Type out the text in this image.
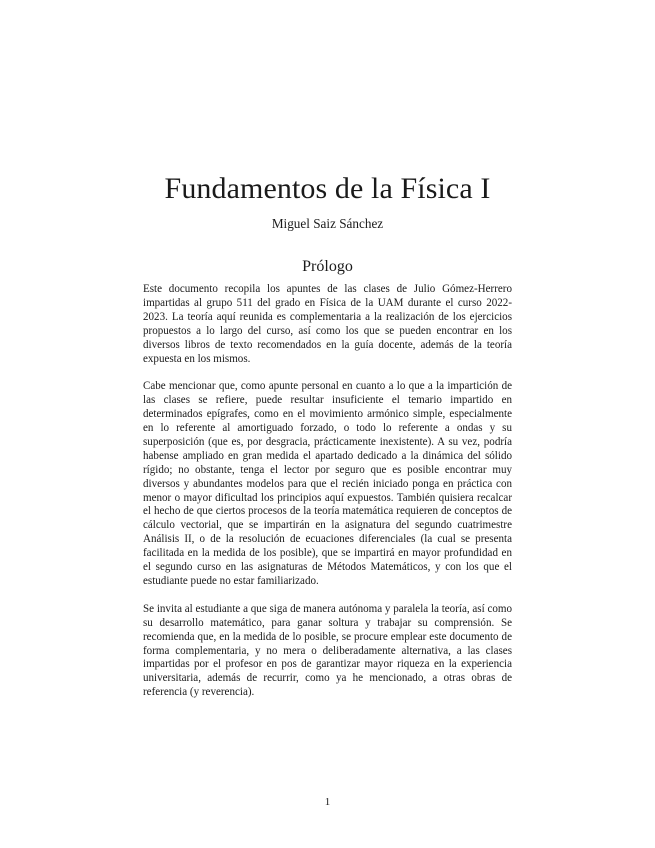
Fundamentos de la Física I
Miguel Saiz Sánchez
Prólogo

Este documento recopila los apuntes de las clases de Julio Gómez-Herrero impartidas al grupo 511 del grado en Física de la UAM durante el curso 2022-2023. La teoría aquí reunida es complementaria a la realización de los ejercicios propuestos a lo largo del curso, así como los que se pueden encontrar en los diversos libros de texto recomendados en la guía docente, además de la teoría expuesta en los mismos.

Cabe mencionar que, como apunte personal en cuanto a lo que a la impartición de las clases se refiere, puede resultar insuficiente el temario impartido en determinados epígrafes, como en el movimiento armónico simple, especialmente en lo referente al amortiguado forzado, o todo lo referente a ondas y su superposición (que es, por desgracia, prácticamente inexistente). A su vez, podría habense ampliado en gran medida el apartado dedicado a la dinámica del sólido rígido; no obstante, tenga el lector por seguro que es posible encontrar muy diversos y abundantes modelos para que el recién iniciado ponga en práctica con menor o mayor dificultad los principios aquí expuestos. También quisiera recalcar el hecho de que ciertos procesos de la teoría matemática requieren de conceptos de cálculo vectorial, que se impartirán en la asignatura del segundo cuatrimestre Análisis II, o de la resolución de ecuaciones diferenciales (la cual se presenta facilitada en la medida de los posible), que se impartirá en mayor profundidad en el segundo curso en las asignaturas de Métodos Matemáticos, y con los que el estudiante puede no estar familiarizado.

Se invita al estudiante a que siga de manera autónoma y paralela la teoría, así como su desarrollo matemático, para ganar soltura y trabajar su comprensión. Se recomienda que, en la medida de lo posible, se procure emplear este documento de forma complementaria, y no mera o deliberadamente alternativa, a las clases impartidas por el profesor en pos de garantizar mayor riqueza en la experiencia universitaria, además de recurrir, como ya he mencionado, a otras obras de referencia (y reverencia).

1
